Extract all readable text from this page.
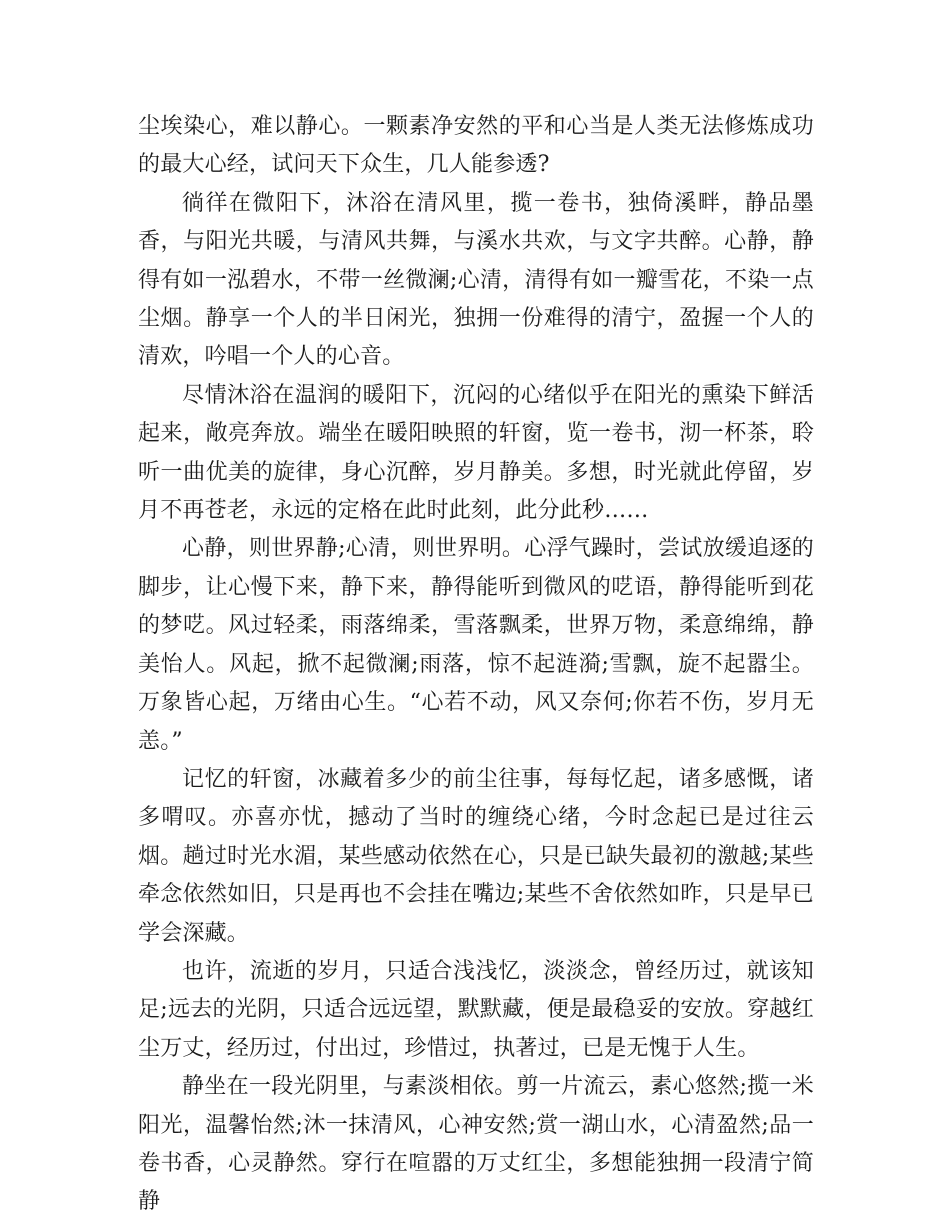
尘埃染心，难以静心。一颗素净安然的平和心当是人类无法修炼成功的最大心经，试问天下众生，几人能参透?

徜徉在微阳下，沐浴在清风里，揽一卷书，独倚溪畔，静品墨香，与阳光共暖，与清风共舞，与溪水共欢，与文字共醉。心静，静得有如一泓碧水，不带一丝微澜;心清，清得有如一瓣雪花，不染一点尘烟。静享一个人的半日闲光，独拥一份难得的清宁，盈握一个人的清欢，吟唱一个人的心音。

尽情沐浴在温润的暖阳下，沉闷的心绪似乎在阳光的熏染下鲜活起来，敞亮奔放。端坐在暖阳映照的轩窗，览一卷书，沏一杯茶，聆听一曲优美的旋律，身心沉醉，岁月静美。多想，时光就此停留，岁月不再苍老，永远的定格在此时此刻，此分此秒……

心静，则世界静;心清，则世界明。心浮气躁时，尝试放缓追逐的脚步，让心慢下来，静下来，静得能听到微风的呓语，静得能听到花的梦呓。风过轻柔，雨落绵柔，雪落飘柔，世界万物，柔意绵绵，静美怡人。风起，掀不起微澜;雨落，惊不起涟漪;雪飘，旋不起嚣尘。万象皆心起，万绪由心生。“心若不动，风又奈何;你若不伤，岁月无恙。”

记忆的轩窗，冰藏着多少的前尘往事，每每忆起，诸多感慨，诸多喟叹。亦喜亦忧，撼动了当时的缠绕心绪，今时念起已是过往云烟。趟过时光水湄，某些感动依然在心，只是已缺失最初的激越;某些牵念依然如旧，只是再也不会挂在嘴边;某些不舍依然如昨，只是早已学会深藏。

也许，流逝的岁月，只适合浅浅忆，淡淡念，曾经历过，就该知足;远去的光阴，只适合远远望，默默藏，便是最稳妥的安放。穿越红尘万丈，经历过，付出过，珍惜过，执著过，已是无愧于人生。

静坐在一段光阴里，与素淡相依。剪一片流云，素心悠然;揽一米阳光，温馨怡然;沐一抹清风，心神安然;赏一湖山水，心清盈然;品一卷书香，心灵静然。穿行在喧嚣的万丈红尘，多想能独拥一段清宁简静
